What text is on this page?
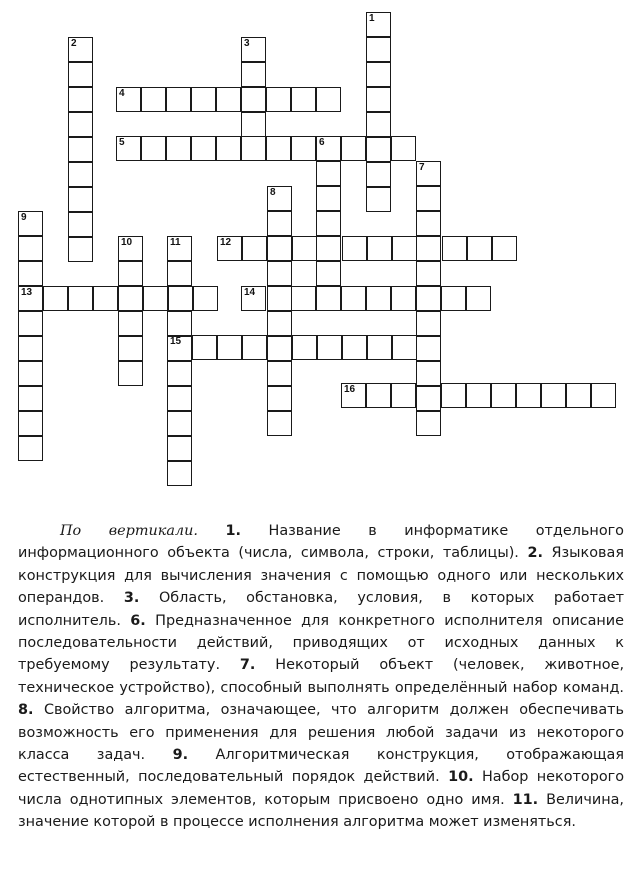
1
2	3
4
5	6
7
8
9
10	11	12
13	14
15
16

По вертикали. 1. Название в информатике отдельного информационного объекта (числа, символа, строки, таблицы). 2. Языковая конструкция для вычисления значения с помощью одного или нескольких операндов. 3. Область, обстановка, условия, в которых работает исполнитель. 6. Предназначенное для конкретного исполнителя описание последовательности действий, приводящих от исходных данных к требуемому результату. 7. Некоторый объект (человек, животное, техническое устройство), способный выполнять определённый набор команд. 8. Свойство алгоритма, означающее, что алгоритм должен обеспечивать возможность его применения для решения любой задачи из некоторого класса задач. 9. Алгоритмическая конструкция, отображающая естественный, последовательный порядок действий. 10. Набор некоторого числа однотипных элементов, которым присвоено одно имя. 11. Величина, значение которой в процессе исполнения алгоритма может изменяться.
